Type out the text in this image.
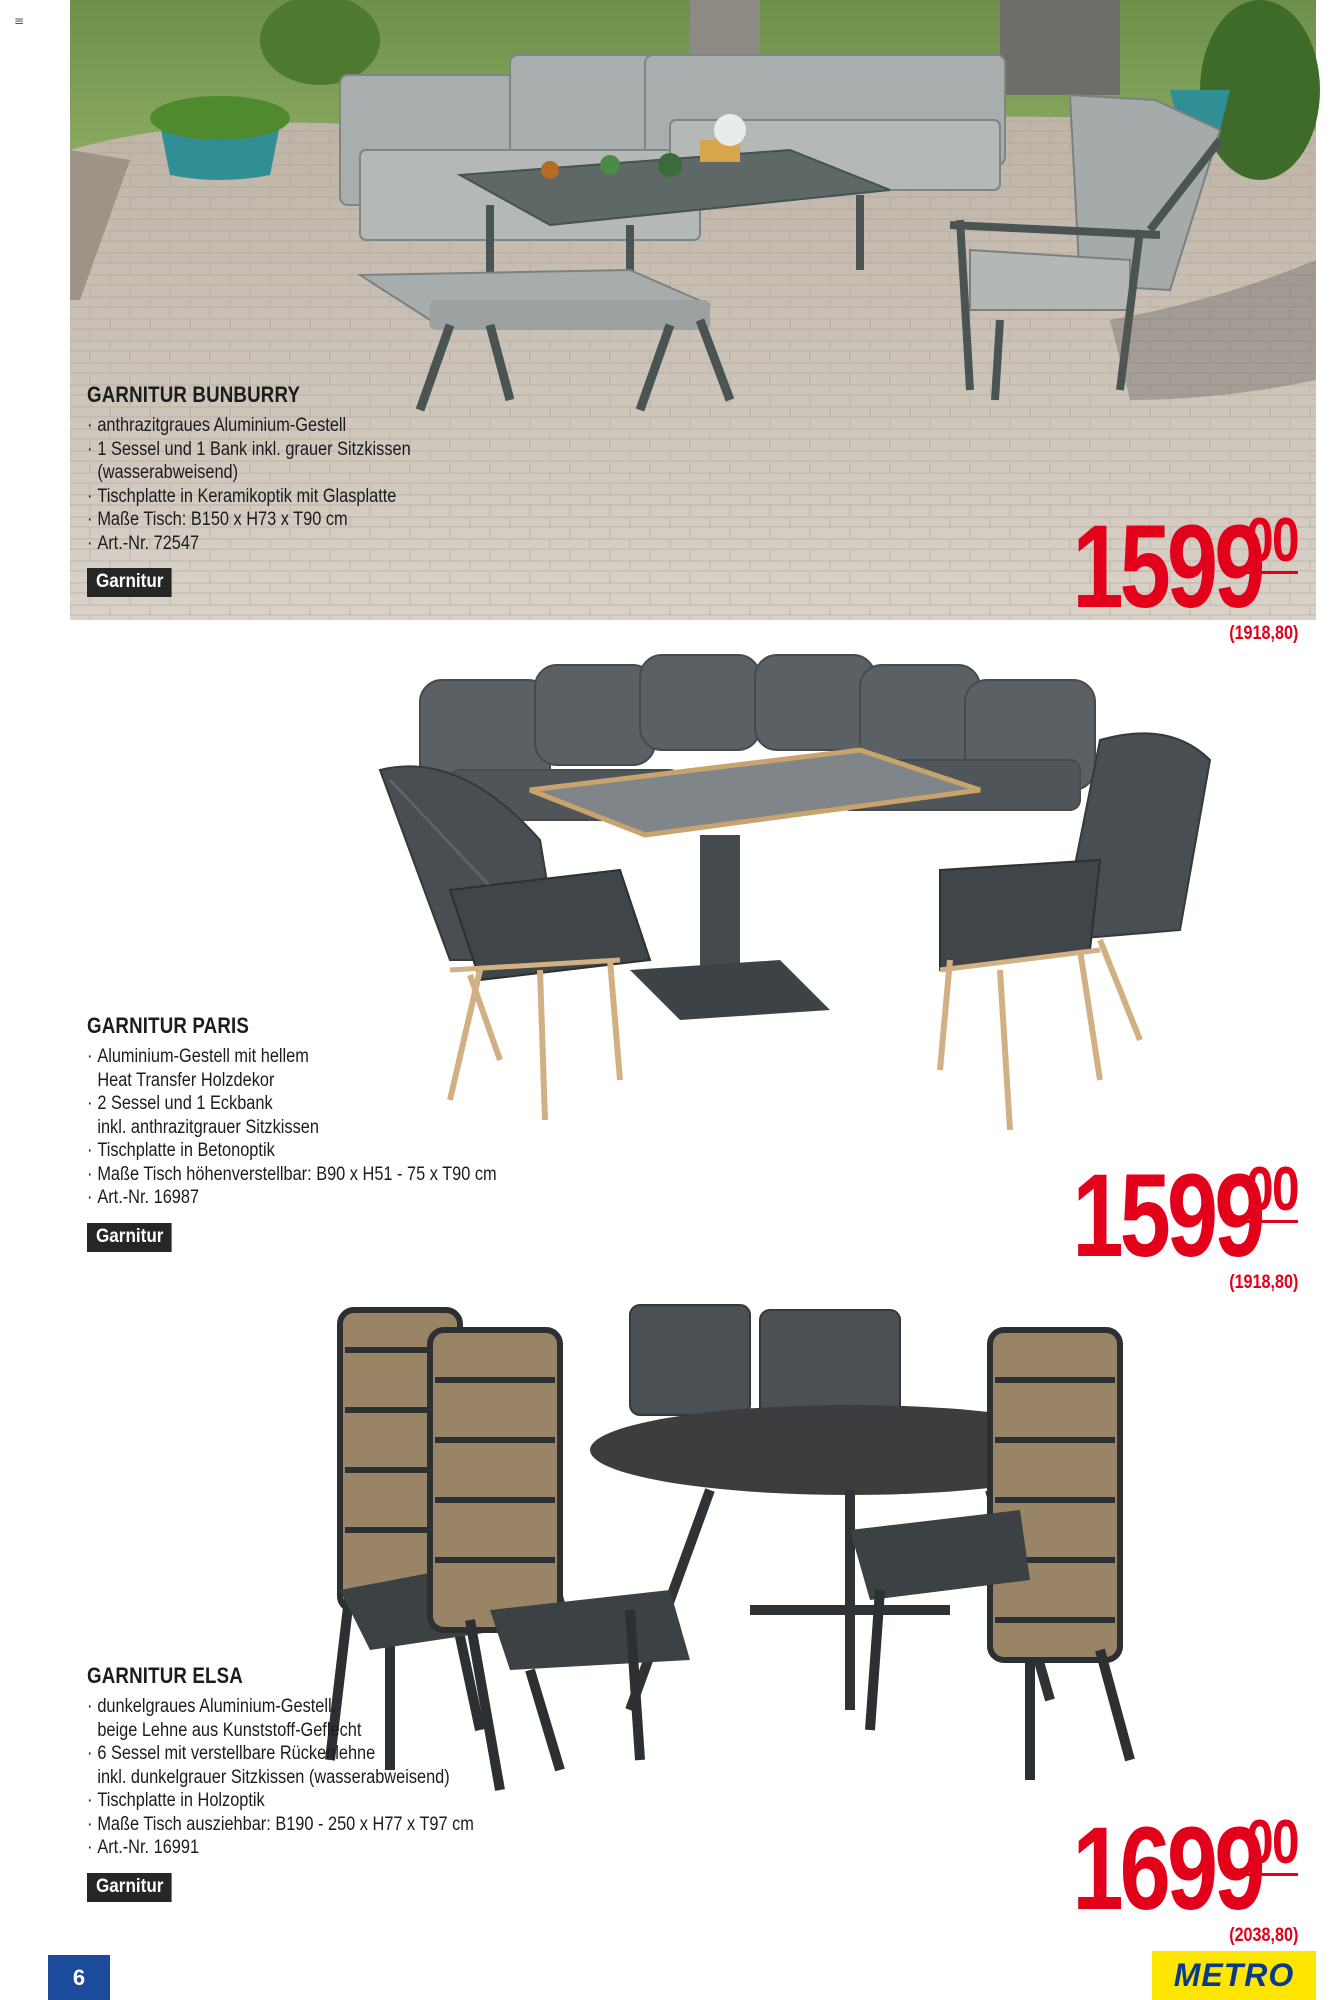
≡
GARNITUR BUNBURRY
· anthrazitgraues Aluminium-Gestell
· 1 Sessel und 1 Bank inkl. grauer Sitzkissen
(wasserabweisend)
· Tischplatte in Keramikoptik mit Glasplatte
· Maße Tisch: B150 x H73 x T90 cm
· Art.-Nr. 72547
Garnitur	1599
00
(1918,80)
GARNITUR PARIS
· Aluminium-Gestell mit hellem
Heat Transfer Holzdekor
· 2 Sessel und 1 Eckbank
inkl. anthrazitgrauer Sitzkissen
· Tischplatte in Betonoptik
· Maße Tisch höhenverstellbar: B90 x H51 - 75 x T90 cm
· Art.-Nr. 16987
Garnitur	1599
00
(1918,80)
GARNITUR ELSA
· dunkelgraues Aluminium-Gestell,
beige Lehne aus Kunststoff-Geflecht
· 6 Sessel mit verstellbare Rückenlehne
inkl. dunkelgrauer Sitzkissen (wasserabweisend)
· Tischplatte in Holzoptik
· Maße Tisch ausziehbar: B190 - 250 x H77 x T97 cm
· Art.-Nr. 16991
Garnitur	1699
00
(2038,80)
6	METRO
